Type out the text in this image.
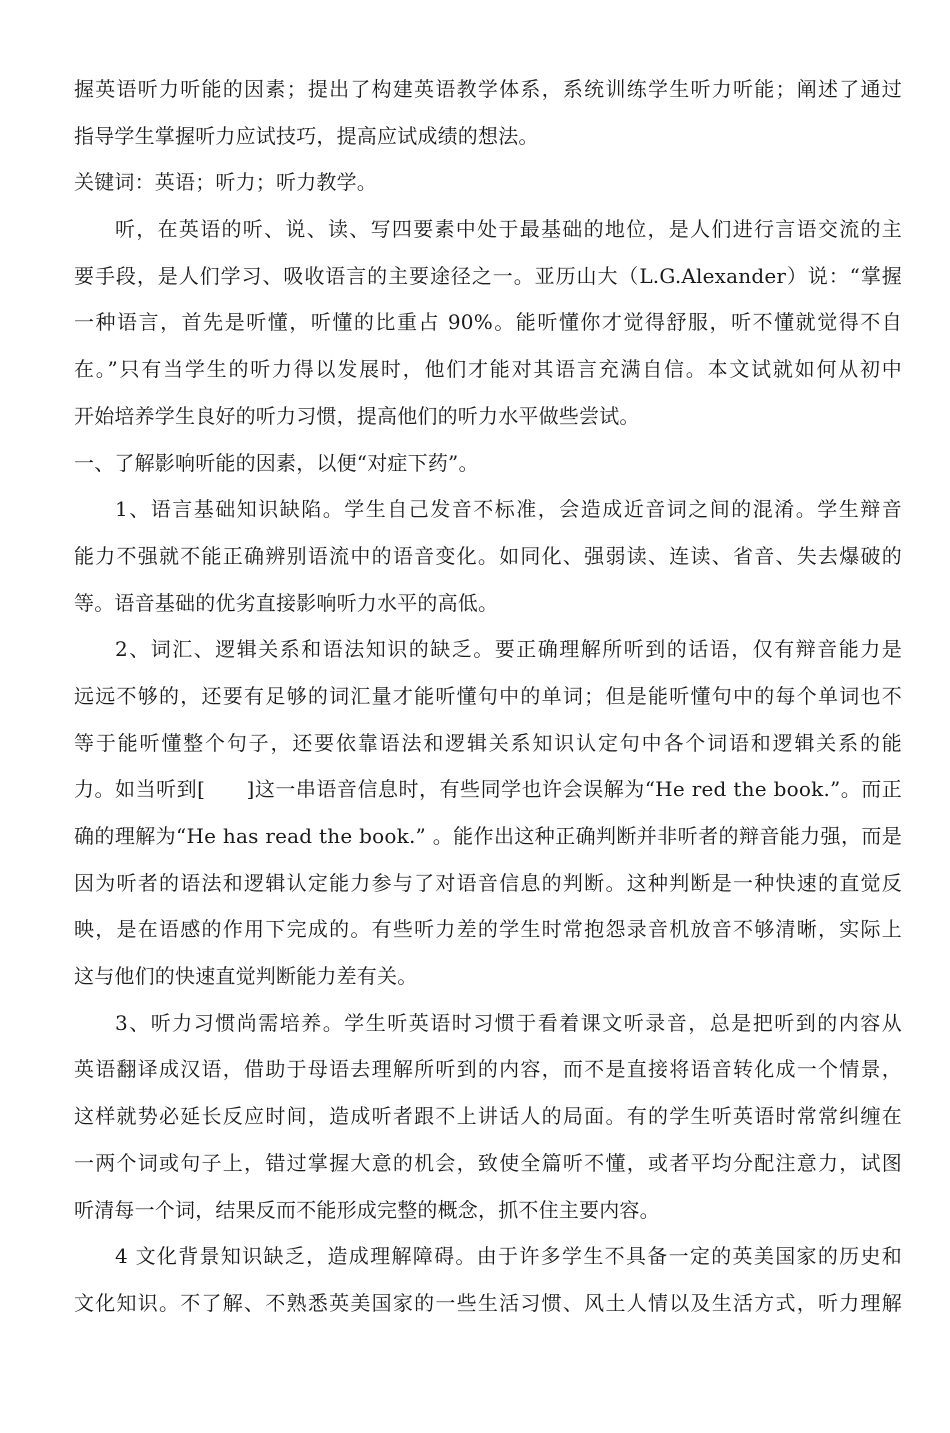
握英语听力听能的因素；提出了构建英语教学体系，系统训练学生听力听能；阐述了通过
指导学生掌握听力应试技巧，提高应试成绩的想法。
关键词：英语；听力；听力教学。
听，在英语的听、说、读、写四要素中处于最基础的地位，是人们进行言语交流的主
要手段，是人们学习、吸收语言的主要途径之一。亚历山大（L.G.Alexander）说：“掌握
一种语言，首先是听懂，听懂的比重占 90%。能听懂你才觉得舒服，听不懂就觉得不自
在。”只有当学生的听力得以发展时，他们才能对其语言充满自信。本文试就如何从初中
开始培养学生良好的听力习惯，提高他们的听力水平做些尝试。
一、了解影响听能的因素，以便“对症下药”。
1、语言基础知识缺陷。学生自己发音不标准，会造成近音词之间的混淆。学生辩音
能力不强就不能正确辨别语流中的语音变化。如同化、强弱读、连读、省音、失去爆破的
等。语音基础的优劣直接影响听力水平的高低。
2、词汇、逻辑关系和语法知识的缺乏。要正确理解所听到的话语，仅有辩音能力是
远远不够的，还要有足够的词汇量才能听懂句中的单词；但是能听懂句中的每个单词也不
等于能听懂整个句子，还要依靠语法和逻辑关系知识认定句中各个词语和逻辑关系的能
力。如当听到[　　]这一串语音信息时，有些同学也许会误解为“He red the book.”。而正
确的理解为“He has read the book.” 。能作出这种正确判断并非听者的辩音能力强，而是
因为听者的语法和逻辑认定能力参与了对语音信息的判断。这种判断是一种快速的直觉反
映，是在语感的作用下完成的。有些听力差的学生时常抱怨录音机放音不够清晰，实际上
这与他们的快速直觉判断能力差有关。
3、听力习惯尚需培养。学生听英语时习惯于看着课文听录音，总是把听到的内容从
英语翻译成汉语，借助于母语去理解所听到的内容，而不是直接将语音转化成一个情景，
这样就势必延长反应时间，造成听者跟不上讲话人的局面。有的学生听英语时常常纠缠在
一两个词或句子上，错过掌握大意的机会，致使全篇听不懂，或者平均分配注意力，试图
听清每一个词，结果反而不能形成完整的概念，抓不住主要内容。
4 文化背景知识缺乏，造成理解障碍。由于许多学生不具备一定的英美国家的历史和
文化知识。不了解、不熟悉英美国家的一些生活习惯、风土人情以及生活方式，听力理解
